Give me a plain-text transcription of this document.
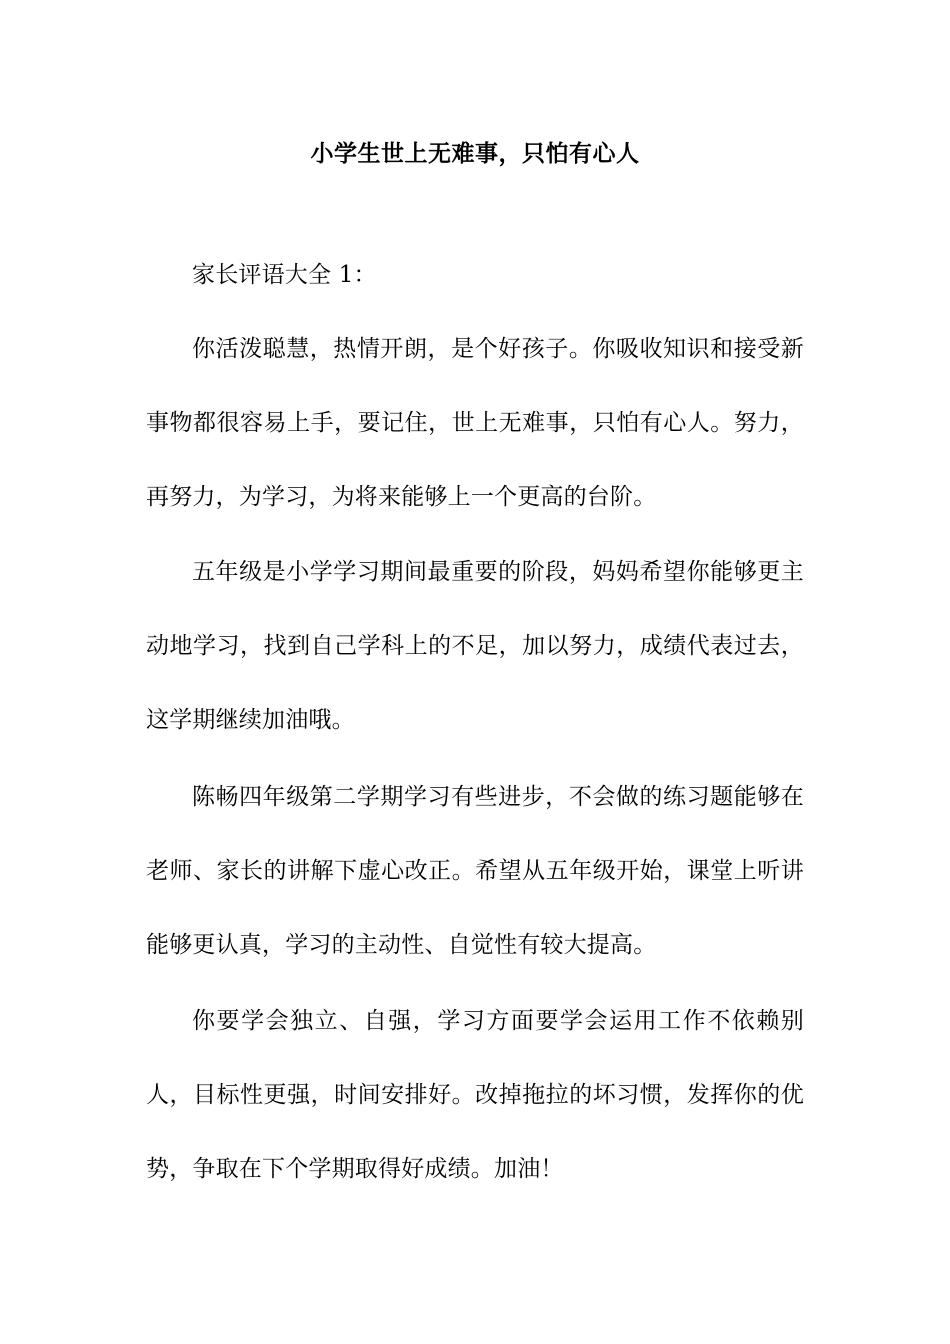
小学生世上无难事，只怕有心人

家长评语大全 1：

你活泼聪慧，热情开朗，是个好孩子。你吸收知识和接受新事物都很容易上手，要记住，世上无难事，只怕有心人。努力，再努力，为学习，为将来能够上一个更高的台阶。

五年级是小学学习期间最重要的阶段，妈妈希望你能够更主动地学习，找到自己学科上的不足，加以努力，成绩代表过去，这学期继续加油哦。

陈畅四年级第二学期学习有些进步，不会做的练习题能够在老师、家长的讲解下虚心改正。希望从五年级开始，课堂上听讲能够更认真，学习的主动性、自觉性有较大提高。

你要学会独立、自强，学习方面要学会运用工作不依赖别人，目标性更强，时间安排好。改掉拖拉的坏习惯，发挥你的优势，争取在下个学期取得好成绩。加油！
